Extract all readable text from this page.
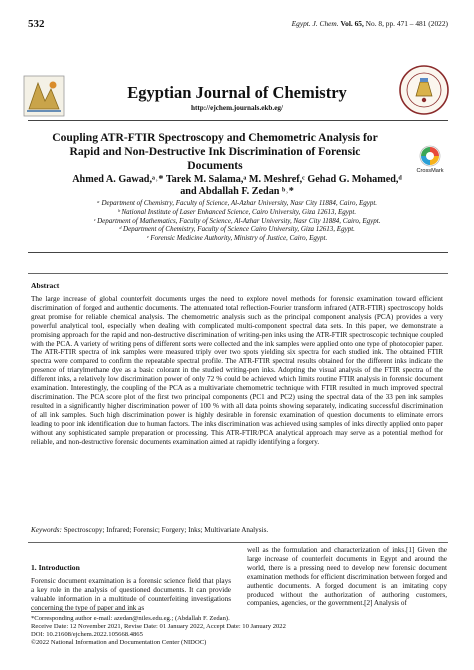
532	Egypt. J. Chem. Vol. 65, No. 8, pp. 471 – 481 (2022)
Egyptian Journal of Chemistry
http://ejchem.journals.ekb.eg/
Coupling ATR-FTIR Spectroscopy and Chemometric Analysis for
Rapid and Non-Destructive Ink Discrimination of Forensic
Documents	CrossMark
Ahmed A. Gawad,ᵃ˒* Tarek M. Salama,ᵃ M. Meshref,ᶜ Gehad G. Mohamed,ᵈ
and Abdallah F. Zedan ᵇ˒*
ᵃ Department of Chemistry, Faculty of Science, Al-Azhar University, Nasr City 11884, Cairo, Egypt.
ᵇ National Institute of Laser Enhanced Science, Cairo University, Giza 12613, Egypt.
ᶜ Department of Mathematics, Faculty of Science, Al-Azhar University, Nasr City 11884, Cairo, Egypt.
ᵈ Department of Chemistry, Faculty of Science Cairo University, Giza 12613, Egypt.
ᵉ Forensic Medicine Authority, Ministry of Justice, Cairo, Egypt.
Abstract
The large increase of global counterfeit documents urges the need to explore novel methods for forensic examination toward efficient discrimination of forged and authentic documents. The attenuated total reflection-Fourier transform infrared (ATR-FTIR) spectroscopy holds great promise for reliable chemical analysis. The chemometric analysis such as the principal component analysis (PCA) provides a very powerful analytical tool, especially when dealing with complicated multi-component spectral data sets. In this paper, we demonstrate a promising approach for the rapid and non-destructive discrimination of writing-pen inks using the ATR-FTIR spectroscopic technique coupled with the PCA. A variety of writing pens of different sorts were collected and the ink samples were applied onto one type of photocopier paper. The ATR-FTIR spectra of ink samples were measured triply over two spots yielding six spectra for each studied ink. The obtained FTIR spectra were compared to confirm the repeatable spectral profile. The ATR-FTIR spectral results obtained for the different inks indicate the presence of triarylmethane dye as a basic colorant in the studied writing-pen inks. Adopting the visual analysis of the FTIR spectra of the different inks, a relatively low discrimination power of only 72 % could be achieved which limits routine FTIR analysis in forensic document examination. Interestingly, the coupling of the PCA as a multivariate chemometric technique with FTIR resulted in much improved spectral discrimination. The PCA score plot of the first two principal components (PC1 and PC2) using the spectral data of the 33 pen ink samples resulted in a significantly higher discrimination power of 100 % with all data points showing separately, indicating successful discrimination of all ink samples. Such high discrimination power is highly desirable in forensic examination of question documents to eliminate errors leading to poor ink identification due to human factors. The inks discrimination was achieved using samples of inks directly applied onto paper without any sophisticated sample preparation or processing. This ATR-FTIR/PCA analytical approach may serve as a potential method for reliable, and non-destructive forensic documents examination aimed at rapidly identifying a forgery.
Keywords: Spectroscopy; Infrared; Forensic; Forgery; Inks; Multivariate Analysis.
1. Introduction
Forensic document examination is a forensic science field that plays a key role in the analysis of questioned documents. It can provide valuable information in a multitude of counterfeiting investigations concerning the type of paper and ink as
well as the formulation and characterization of inks.[1] Given the large increase of counterfeit documents in Egypt and around the world, there is a pressing need to develop new forensic document examination methods for efficient discrimination between forged and authentic documents. A forged document is an imitating copy produced without the authorization of authoring customers, companies, agencies, or the government.[2] Analysis of
*Corresponding author e-mail: azedan@niles.edu.eg.; (Abdallah F. Zedan).
Receive Date: 12 November 2021, Revise Date: 01 January 2022, Accept Date: 10 January 2022
DOI: 10.21608/ejchem.2022.105668.4865
©2022 National Information and Documentation Center (NIDOC)
